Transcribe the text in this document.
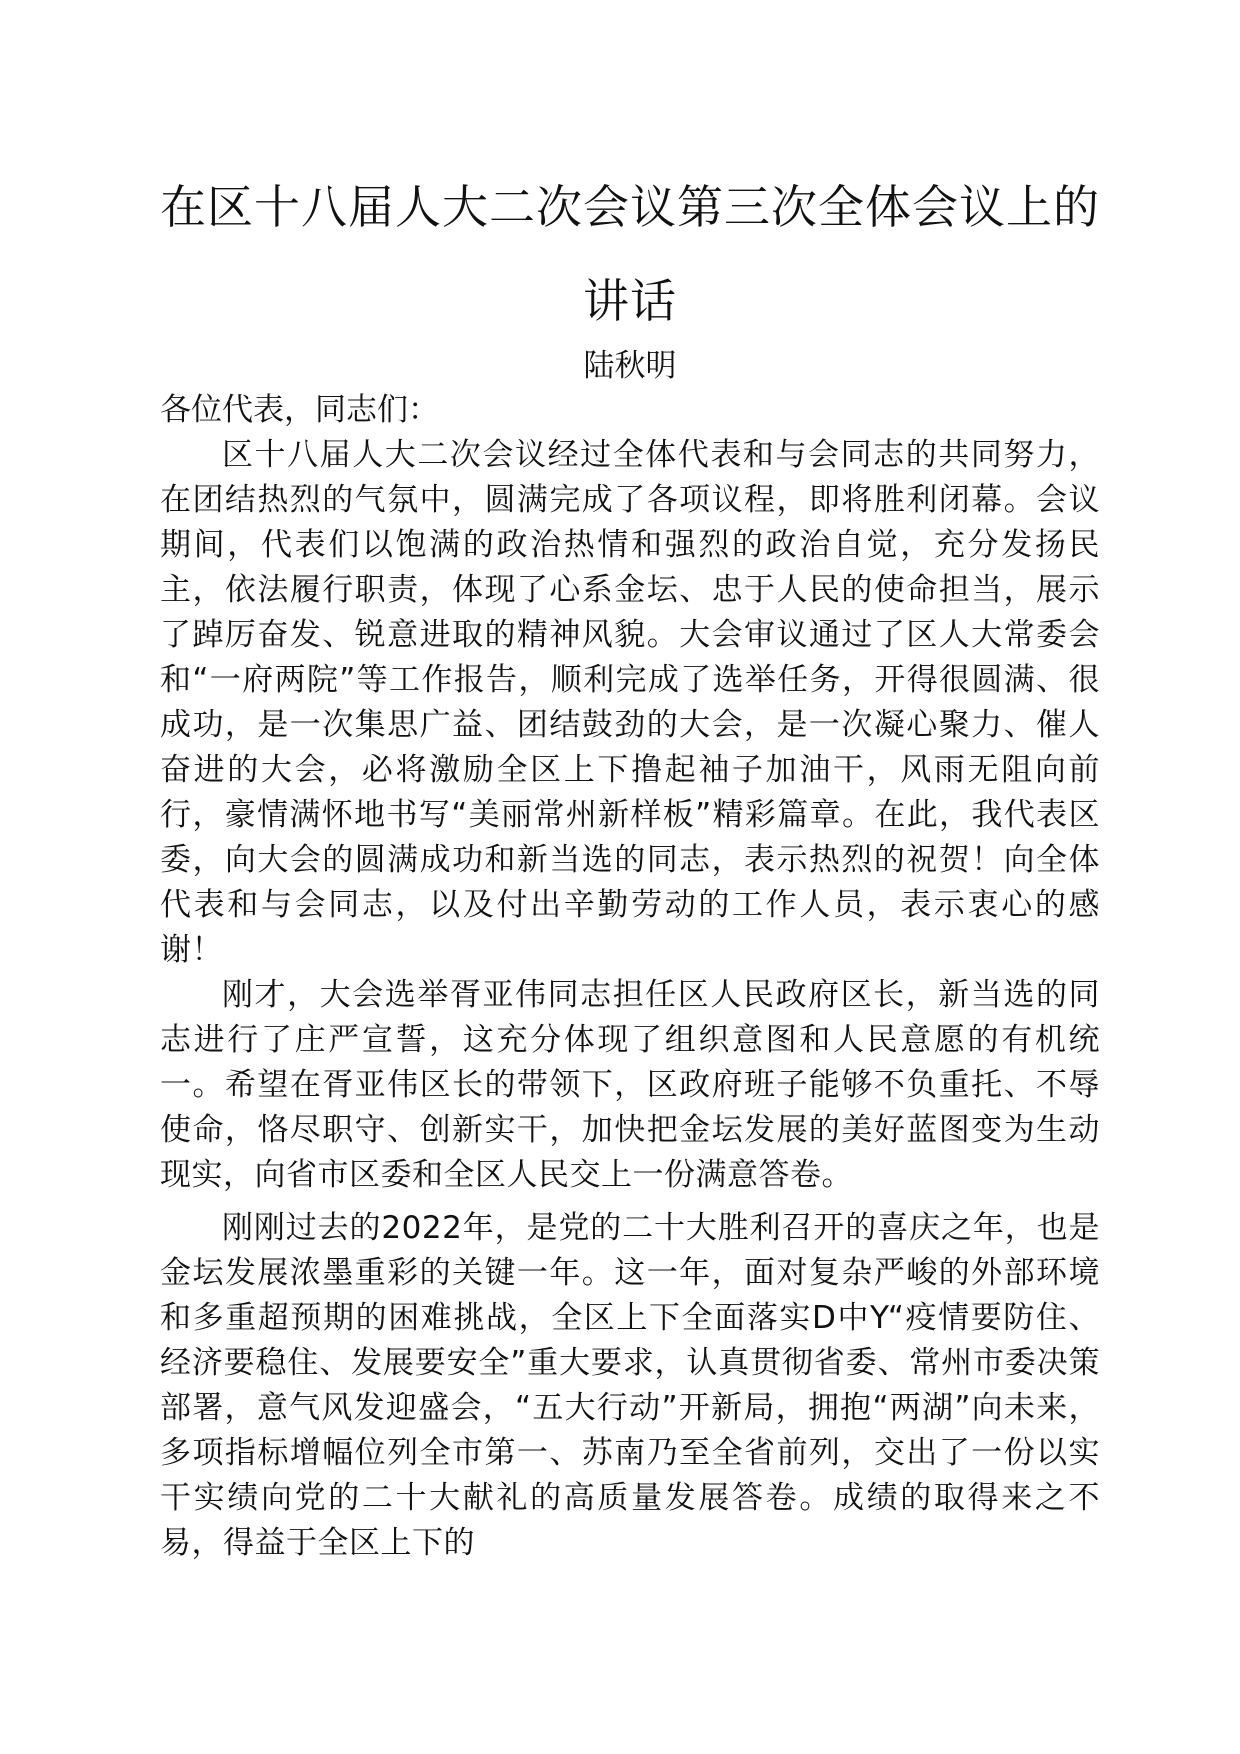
在区十八届人大二次会议第三次全体会议上的
讲话
陆秋明

各位代表，同志们：

区十八届人大二次会议经过全体代表和与会同志的共同努力，在团结热烈的气氛中，圆满完成了各项议程，即将胜利闭幕。会议期间，代表们以饱满的政治热情和强烈的政治自觉，充分发扬民主，依法履行职责，体现了心系金坛、忠于人民的使命担当，展示了踔厉奋发、锐意进取的精神风貌。大会审议通过了区人大常委会和“一府两院”等工作报告，顺利完成了选举任务，开得很圆满、很成功，是一次集思广益、团结鼓劲的大会，是一次凝心聚力、催人奋进的大会，必将激励全区上下撸起袖子加油干，风雨无阻向前行，豪情满怀地书写“美丽常州新样板”精彩篇章。在此，我代表区委，向大会的圆满成功和新当选的同志，表示热烈的祝贺！向全体代表和与会同志，以及付出辛勤劳动的工作人员，表示衷心的感谢！

刚才，大会选举胥亚伟同志担任区人民政府区长，新当选的同志进行了庄严宣誓，这充分体现了组织意图和人民意愿的有机统一。希望在胥亚伟区长的带领下，区政府班子能够不负重托、不辱使命，恪尽职守、创新实干，加快把金坛发展的美好蓝图变为生动现实，向省市区委和全区人民交上一份满意答卷。

刚刚过去的2022年，是党的二十大胜利召开的喜庆之年，也是金坛发展浓墨重彩的关键一年。这一年，面对复杂严峻的外部环境和多重超预期的困难挑战，全区上下全面落实D中Y“疫情要防住、经济要稳住、发展要安全”重大要求，认真贯彻省委、常州市委决策部署，意气风发迎盛会，“五大行动”开新局，拥抱“两湖”向未来，多项指标增幅位列全市第一、苏南乃至全省前列，交出了一份以实干实绩向党的二十大献礼的高质量发展答卷。成绩的取得来之不易，得益于全区上下的
